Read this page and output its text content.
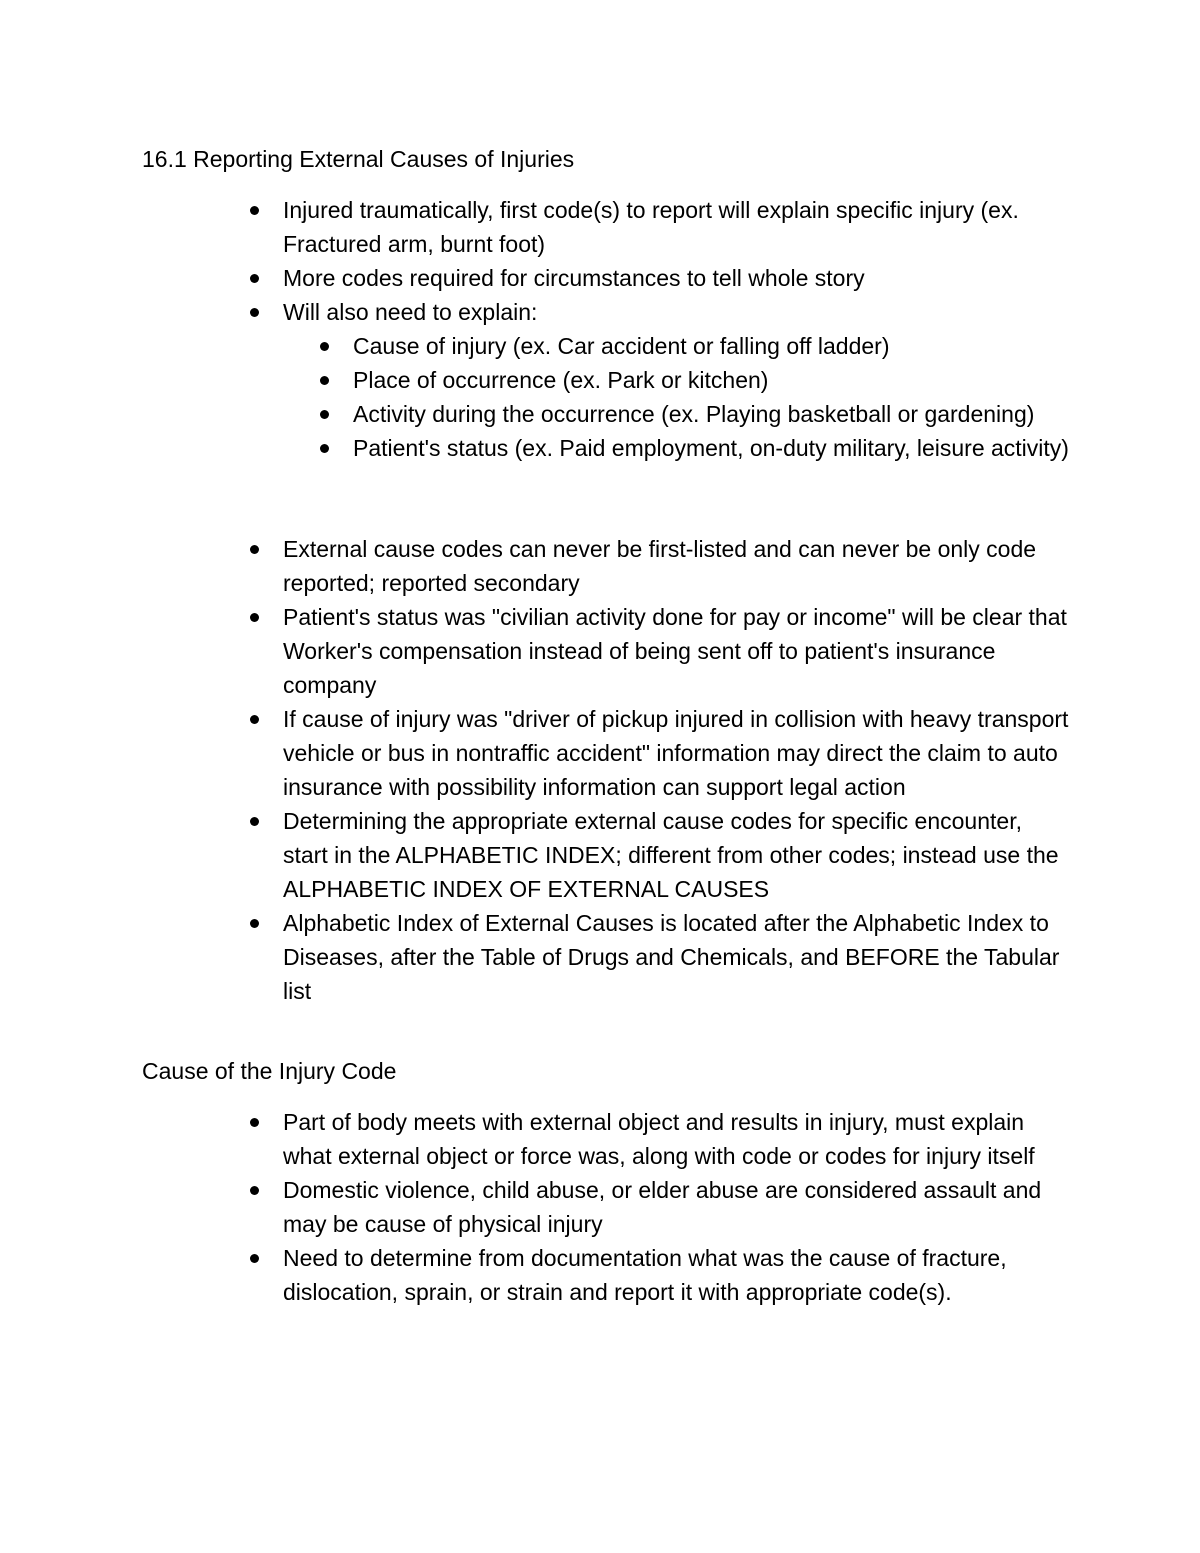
16.1 Reporting External Causes of Injuries
Injured traumatically, first code(s) to report will explain specific injury (ex. Fractured arm, burnt foot)
More codes required for circumstances to tell whole story
Will also need to explain:
Cause of injury (ex. Car accident or falling off ladder)
Place of occurrence (ex. Park or kitchen)
Activity during the occurrence (ex. Playing basketball or gardening)
Patient's status (ex. Paid employment, on-duty military, leisure activity)
External cause codes can never be first-listed and can never be only code reported; reported secondary
Patient's status was "civilian activity done for pay or income" will be clear that Worker's compensation instead of being sent off to patient's insurance company
If cause of injury was "driver of pickup injured in collision with heavy transport vehicle or bus in nontraffic accident" information may direct the claim to auto insurance with possibility information can support legal action
Determining the appropriate external cause codes for specific encounter, start in the ALPHABETIC INDEX; different from other codes; instead use the ALPHABETIC INDEX OF EXTERNAL CAUSES
Alphabetic Index of External Causes is located after the Alphabetic Index to Diseases, after the Table of Drugs and Chemicals, and BEFORE the Tabular list
Cause of the Injury Code
Part of body meets with external object and results in injury, must explain what external object or force was, along with code or codes for injury itself
Domestic violence, child abuse, or elder abuse are considered assault and may be cause of physical injury
Need to determine from documentation what was the cause of fracture, dislocation, sprain, or strain and report it with appropriate code(s).
